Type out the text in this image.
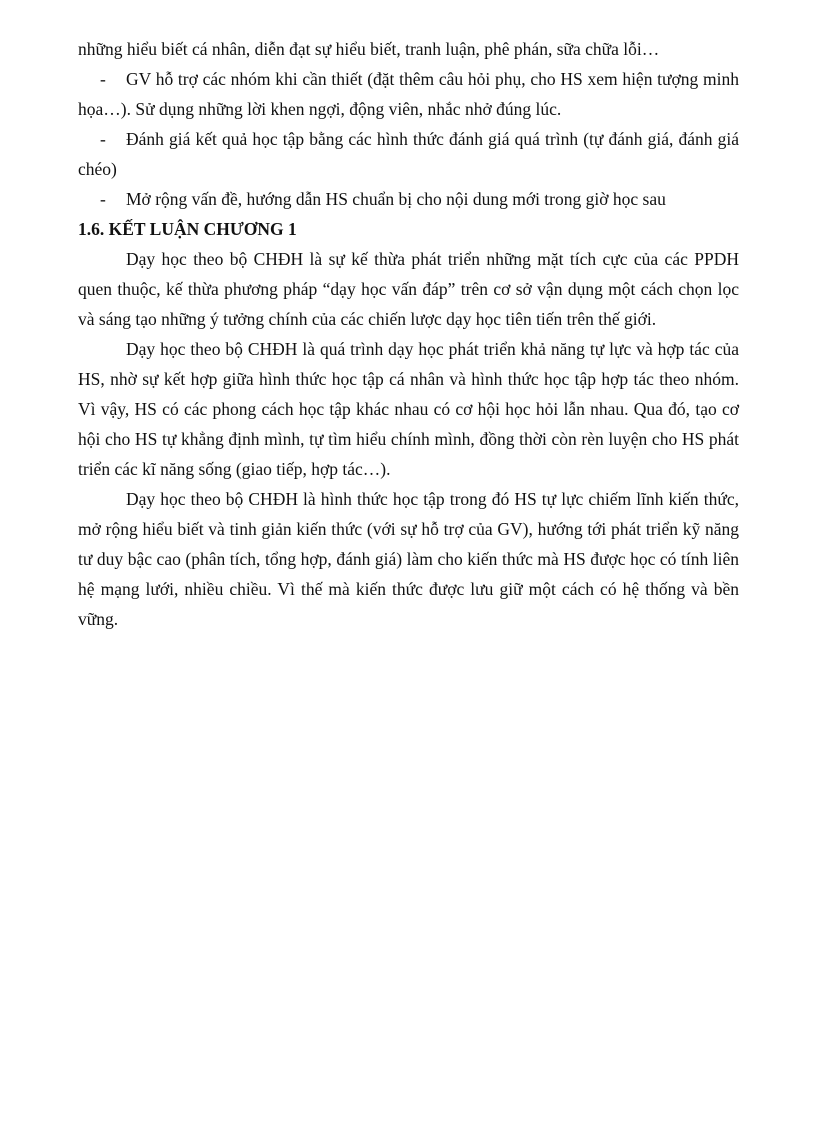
những hiểu biết cá nhân, diễn đạt sự hiểu biết, tranh luận, phê phán, sữa chữa lỗi…

- GV hỗ trợ các nhóm khi cần thiết (đặt thêm câu hỏi phụ, cho HS xem hiện tượng minh họa…). Sử dụng những lời khen ngợi, động viên, nhắc nhở đúng lúc.

- Đánh giá kết quả học tập bằng các hình thức đánh giá quá trình (tự đánh giá, đánh giá chéo)

- Mở rộng vấn đề, hướng dẫn HS chuẩn bị cho nội dung mới trong giờ học sau

1.6. KẾT LUẬN CHƯƠNG 1

Dạy học theo bộ CHĐH là sự kế thừa phát triển những mặt tích cực của các PPDH quen thuộc, kế thừa phương pháp “dạy học vấn đáp” trên cơ sở vận dụng một cách chọn lọc và sáng tạo những ý tưởng chính của các chiến lược dạy học tiên tiến trên thế giới.

Dạy học theo bộ CHĐH là quá trình dạy học phát triển khả năng tự lực và hợp tác của HS, nhờ sự kết hợp giữa hình thức học tập cá nhân và hình thức học tập hợp tác theo nhóm. Vì vậy, HS có các phong cách học tập khác nhau có cơ hội học hỏi lẫn nhau. Qua đó, tạo cơ hội cho HS tự khẳng định mình, tự tìm hiểu chính mình, đồng thời còn rèn luyện cho HS phát triển các kĩ năng sống (giao tiếp, hợp tác…).

Dạy học theo bộ CHĐH là hình thức học tập trong đó HS tự lực chiếm lĩnh kiến thức, mở rộng hiểu biết và tinh giản kiến thức (với sự hỗ trợ của GV), hướng tới phát triển kỹ năng tư duy bậc cao (phân tích, tổng hợp, đánh giá) làm cho kiến thức mà HS được học có tính liên hệ mạng lưới, nhiều chiều. Vì thế mà kiến thức được lưu giữ một cách có hệ thống và bền vững.
